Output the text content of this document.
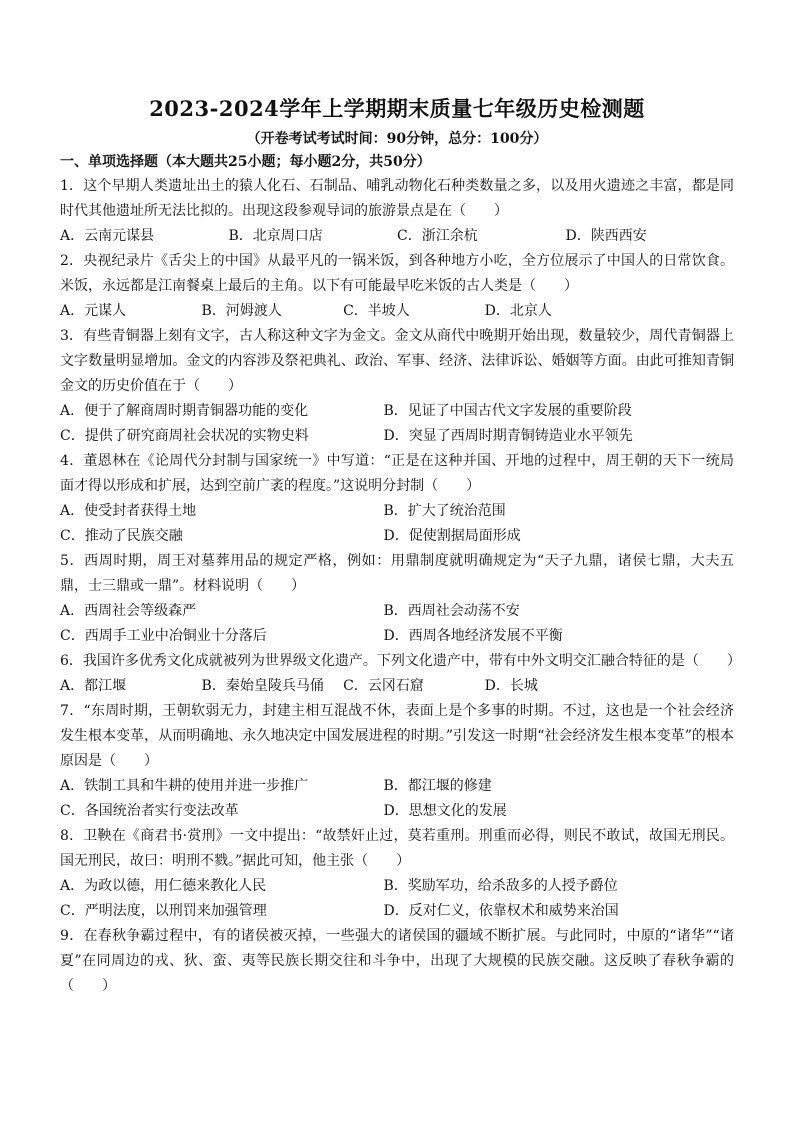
2023-2024学年上学期期末质量七年级历史检测题

（开卷考试考试时间：90分钟，总分：100分）

一、单项选择题（本大题共25小题；每小题2分，共50分）

1．这个早期人类遗址出土的猿人化石、石制品、哺乳动物化石种类数量之多，以及用火遗迹之丰富，都是同时代其他遗址所无法比拟的。出现这段参观导词的旅游景点是在（　　）

A．云南元谋县	B．北京周口店	C．浙江余杭	D．陕西西安

2．央视纪录片《舌尖上的中国》从最平凡的一锅米饭，到各种地方小吃，全方位展示了中国人的日常饮食。米饭，永远都是江南餐桌上最后的主角。以下有可能最早吃米饭的古人类是（　　）

A．元谋人	B．河姆渡人	C．半坡人	D．北京人

3．有些青铜器上刻有文字，古人称这种文字为金文。金文从商代中晚期开始出现，数量较少，周代青铜器上文字数量明显增加。金文的内容涉及祭祀典礼、政治、军事、经济、法律诉讼、婚姻等方面。由此可推知青铜金文的历史价值在于（　　）

A．便于了解商周时期青铜器功能的变化	B．见证了中国古代文字发展的重要阶段
C．提供了研究商周社会状况的实物史料	D．突显了西周时期青铜铸造业水平领先

4．董恩林在《论周代分封制与国家统一》中写道：“正是在这种并国、开地的过程中，周王朝的天下一统局面才得以形成和扩展，达到空前广袤的程度。”这说明分封制（　　）

A．使受封者获得土地	B．扩大了统治范围
C．推动了民族交融	D．促使割据局面形成

5．西周时期，周王对墓葬用品的规定严格，例如：用鼎制度就明确规定为“天子九鼎，诸侯七鼎，大夫五鼎，士三鼎或一鼎”。材料说明（　　）

A．西周社会等级森严	B．西周社会动荡不安
C．西周手工业中冶铜业十分落后	D．西周各地经济发展不平衡

6．我国许多优秀文化成就被列为世界级文化遗产。下列文化遗产中，带有中外文明交汇融合特征的是（　　）

A．都江堰	B．秦始皇陵兵马俑	C．云冈石窟	D．长城

7．“东周时期，王朝软弱无力，封建主相互混战不休，表面上是个多事的时期。不过，这也是一个社会经济发生根本变革，从而明确地、永久地决定中国发展进程的时期。”引发这一时期“社会经济发生根本变革”的根本原因是（　　）

A．铁制工具和牛耕的使用并进一步推广	B．都江堰的修建
C．各国统治者实行变法改革	D．思想文化的发展

8．卫鞅在《商君书·赏刑》一文中提出：“故禁奸止过，莫若重刑。刑重而必得，则民不敢试，故国无刑民。国无刑民，故曰：明刑不戮。”据此可知，他主张（　　）

A．为政以德，用仁德来教化人民	B．奖励军功，给杀敌多的人授予爵位
C．严明法度，以刑罚来加强管理	D．反对仁义，依靠权术和威势来治国

9．在春秋争霸过程中，有的诸侯被灭掉，一些强大的诸侯国的疆域不断扩展。与此同时，中原的“诸华”“诸夏”在同周边的戎、狄、蛮、夷等民族长期交往和斗争中，出现了大规模的民族交融。这反映了春秋争霸的（　　）
